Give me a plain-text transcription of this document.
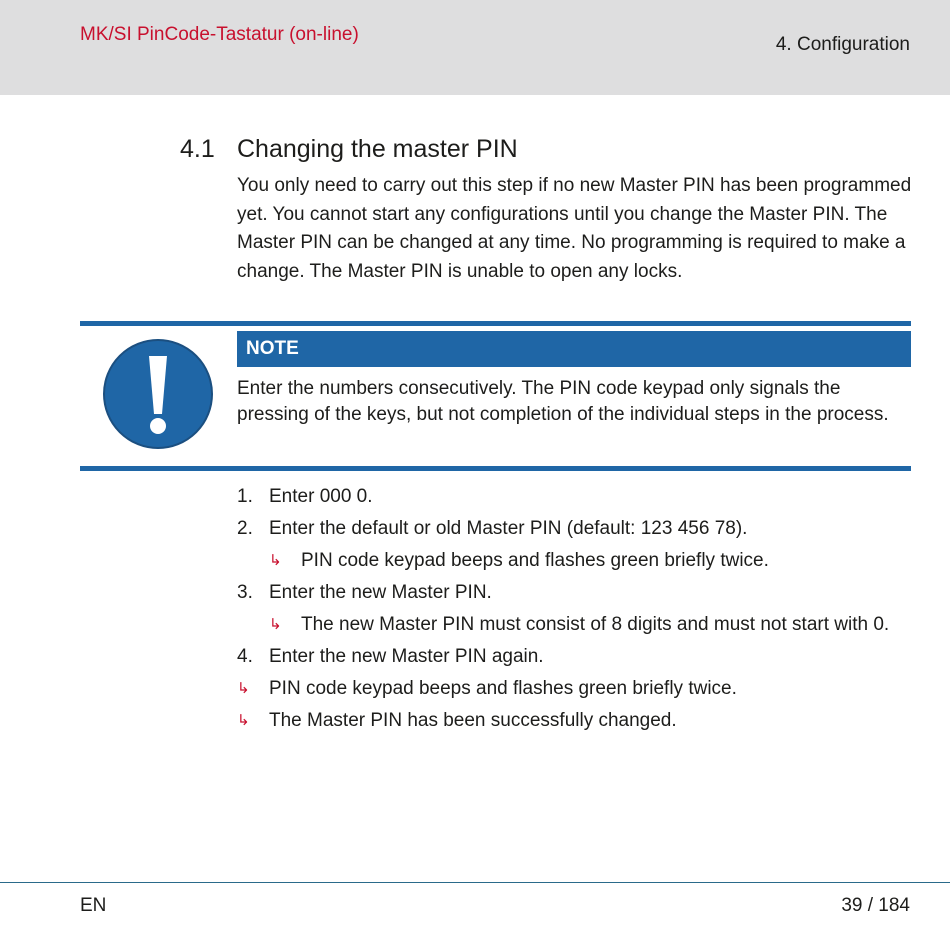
MK/SI PinCode-Tastatur (on-line)	4. Configuration
4.1 Changing the master PIN

You only need to carry out this step if no new Master PIN has been programmed yet. You cannot start any configurations until you change the Master PIN. The Master PIN can be changed at any time. No programming is required to make a change. The Master PIN is unable to open any locks.

NOTE

Enter the numbers consecutively. The PIN code keypad only signals the pressing of the keys, but not completion of the individual steps in the process.

1. Enter 000 0.
2. Enter the default or old Master PIN (default: 123 456 78).
↳ PIN code keypad beeps and flashes green briefly twice.
3. Enter the new Master PIN.
↳ The new Master PIN must consist of 8 digits and must not start with 0.
4. Enter the new Master PIN again.
↳ PIN code keypad beeps and flashes green briefly twice.
↳ The Master PIN has been successfully changed.
EN	39 / 184
